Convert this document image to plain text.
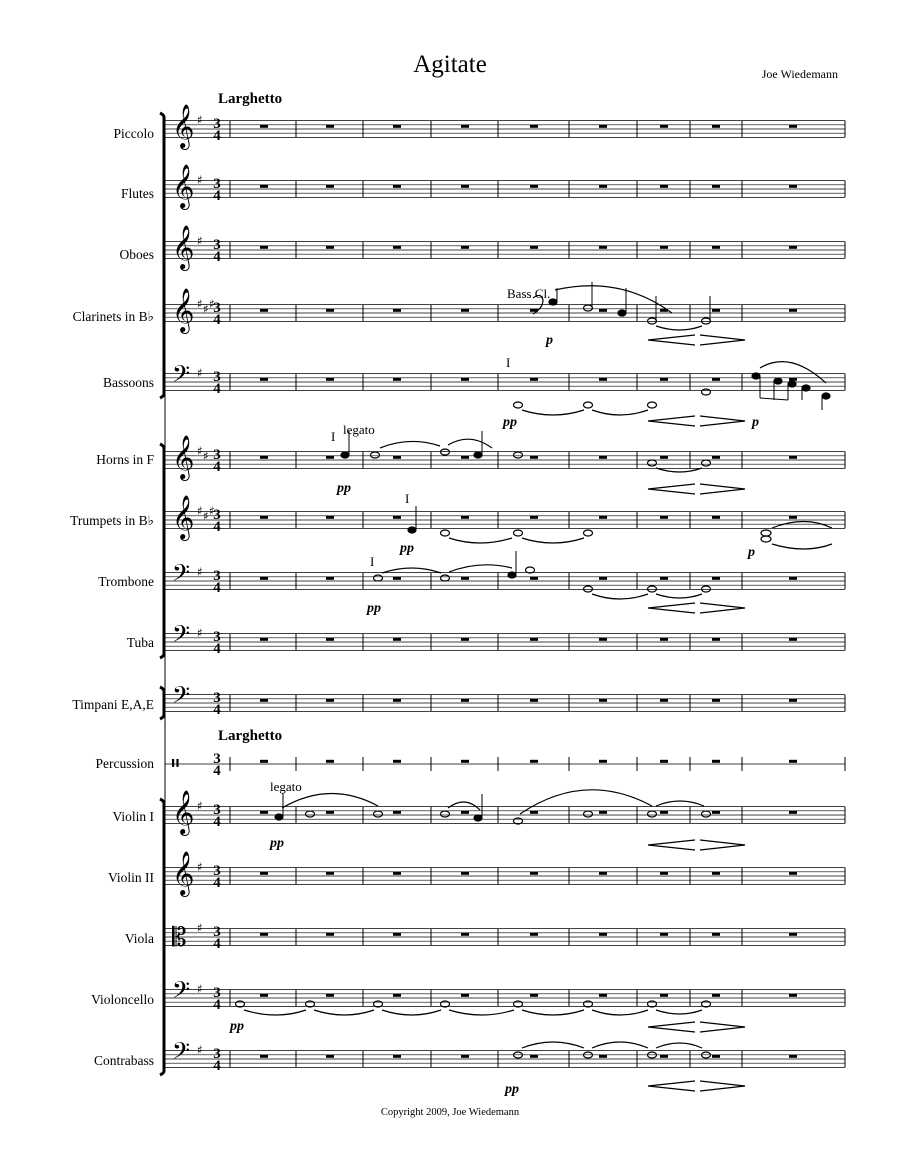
Agitate	Joe Wiedemann
Larghetto
Larghetto
Piccolo
Flutes
Oboes
Clarinets in B♭
Bassoons
Horns in F
Trumpets in B♭
Trombone
Tuba
Timpani E,A,E
Percussion
Violin I
Violin II
Viola
Violoncello
Contrabass
𝄞 ♯ 3
4
𝄞 ♯ 3
4
𝄞 ♯ 3
4
𝄞 ♯ ♯ ♯
3
4
𝄢 ♯ 3
4
𝄞 ♯ ♯ 3
4
𝄞 ♯ ♯ ♯
3
4
𝄢 ♯ 3
4
𝄢 ♯ 3
4
𝄢 3
4
𝄥 3
4
𝄞 ♯ 3
4
𝄞 ♯ 3
4
𝄡 ♯ 3
4
𝄢 ♯ 3
4
𝄢 ♯ 3
4
legato
I
I
I
I
Bass Cl.
legato
p
pp	p
pp
pp	p
pp
pp
pp
pp
Copyright 2009, Joe Wiedemann
